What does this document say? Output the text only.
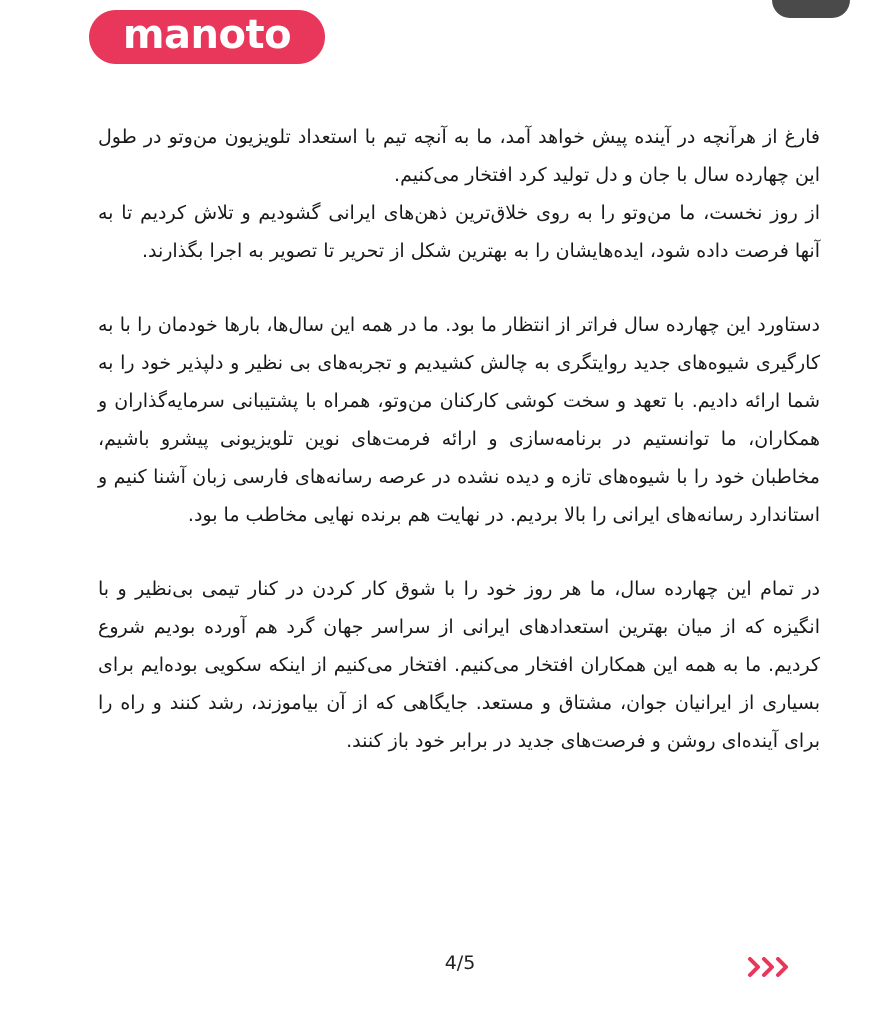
manoto

فارغ از هرآنچه در آینده پیش خواهد آمد، ما به آنچه تیم با استعداد تلویزیون من‌وتو در طول این چهارده سال با جان و دل تولید کرد افتخار می‌کنیم.

از روز نخست، ما من‌وتو را به روی خلاق‌ترین ذهن‌های ایرانی گشودیم و تلاش کردیم تا به آنها فرصت داده شود، ایده‌هایشان را به بهترین شکل از تحریر تا تصویر به اجرا بگذارند.

دستاورد این چهارده سال فراتر از انتظار ما بود. ما در همه این سال‌ها، بارها خودمان را با به کارگیری شیوه‌های جدید روایتگری به چالش کشیدیم و تجربه‌های بی نظیر و دلپذیر خود را به شما ارائه دادیم. با تعهد و سخت کوشی کارکنان من‌وتو، همراه با پشتیبانی سرمایه‌گذاران و همکاران، ما توانستیم در برنامه‌سازی و ارائه فرمت‌های نوین تلویزیونی پیشرو باشیم، مخاطبان خود را با شیوه‌های تازه و دیده نشده در عرصه رسانه‌های فارسی زبان آشنا کنیم و استاندارد رسانه‌های ایرانی را بالا بردیم. در نهایت هم برنده نهایی مخاطب ما بود.

در تمام این چهارده سال، ما هر روز خود را با شوق کار کردن در کنار تیمی بی‌نظیر و با انگیزه که از میان بهترین استعدادهای ایرانی از سراسر جهان گرد هم آورده بودیم شروع کردیم. ما به همه این همکاران افتخار می‌کنیم. افتخار می‌کنیم از اینکه سکویی بوده‌ایم برای بسیاری از ایرانیان جوان، مشتاق و مستعد. جایگاهی که از آن بیاموزند، رشد کنند و راه را برای آینده‌ای روشن و فرصت‌های جدید در برابر خود باز کنند.

4/5
